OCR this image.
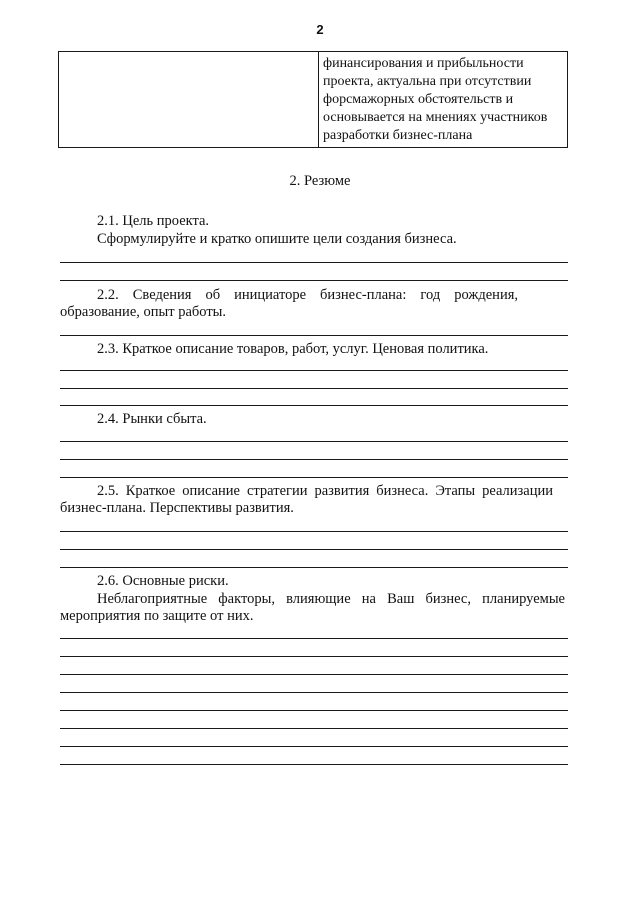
2

финансирования и прибыльности
проекта, актуальна при отсутствии
форсмажорных обстоятельств и
основывается на мнениях участников
разработки бизнес-плана
2. Резюме
2.1. Цель проекта.
Сформулируйте и кратко опишите цели создания бизнеса.
2.2. Сведения об инициаторе бизнес-плана: год рождения,
образование, опыт работы.
2.3. Краткое описание товаров, работ, услуг. Ценовая политика.
2.4. Рынки сбыта.
2.5. Краткое описание стратегии развития бизнеса. Этапы реализации
бизнес-плана. Перспективы развития.
2.6. Основные риски.
Неблагоприятные факторы, влияющие на Ваш бизнес, планируемые
мероприятия по защите от них.
